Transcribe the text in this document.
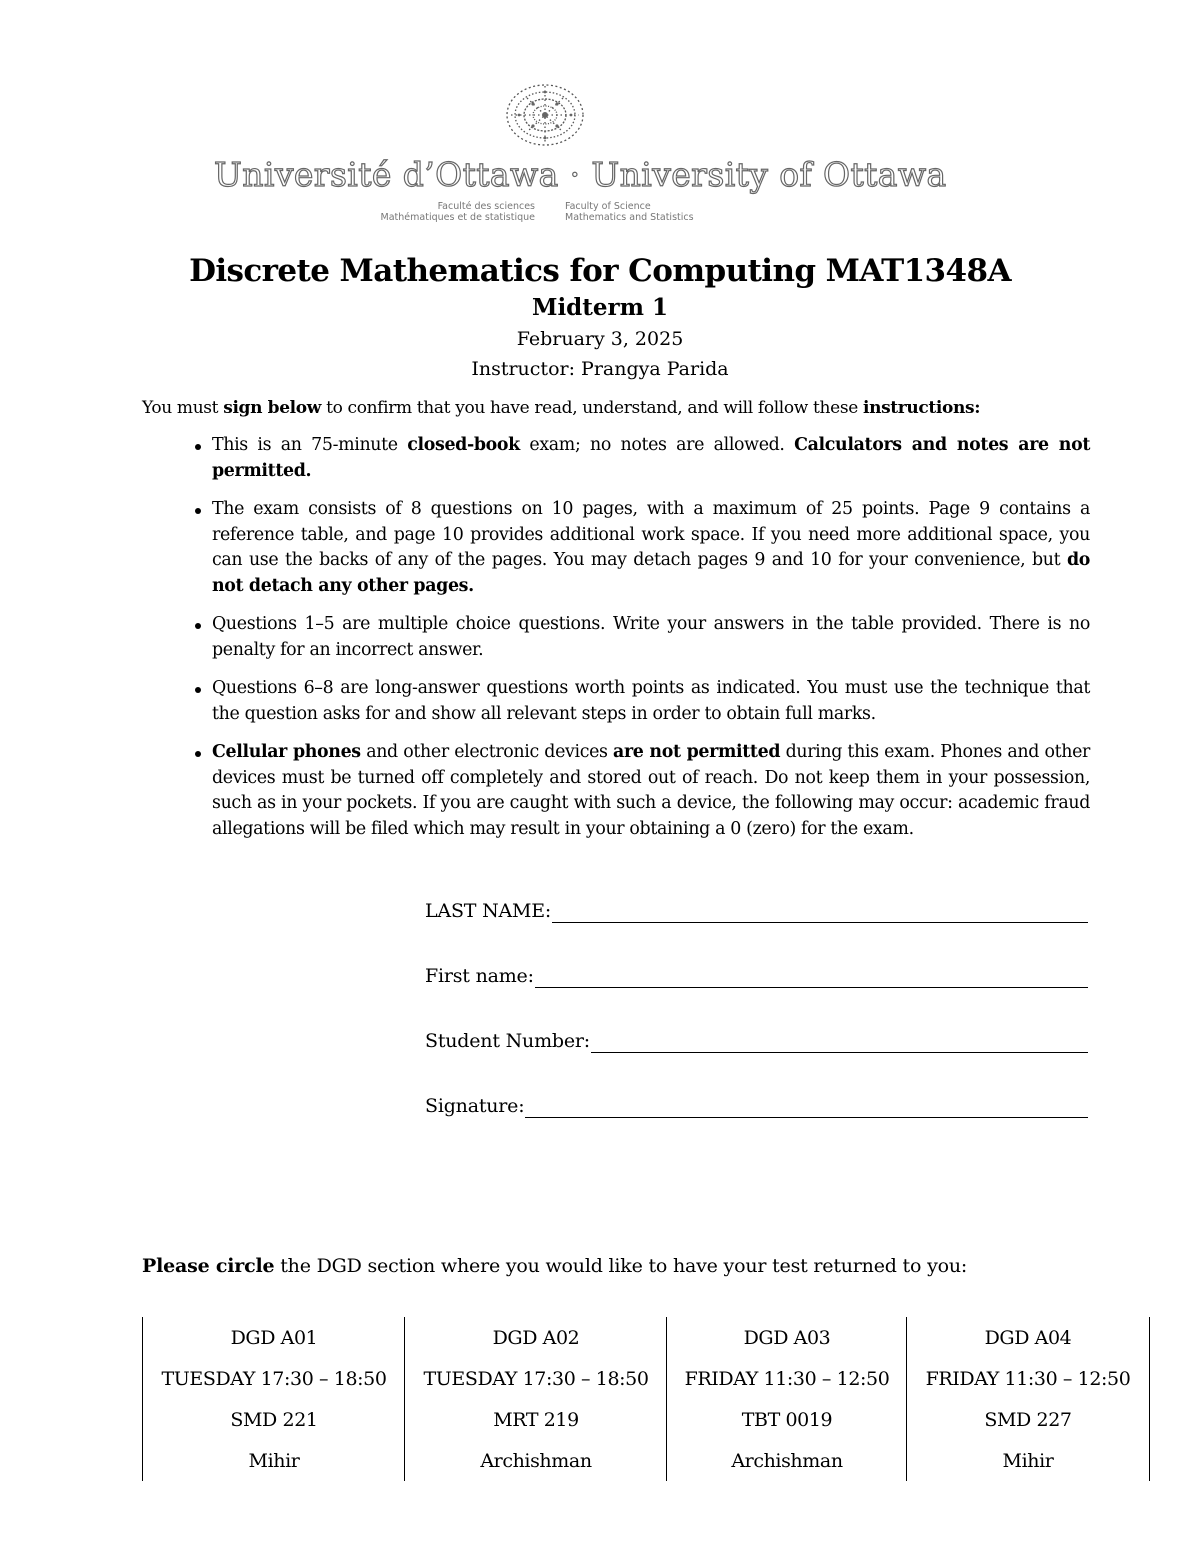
Université d’Ottawa · University of Ottawa
Faculté des sciences
Mathématiques et de statistique
Faculty of Science
Mathematics and Statistics
Discrete Mathematics for Computing MAT1348A
Midterm 1
February 3, 2025
Instructor: Prangya Parida
You must sign below to confirm that you have read, understand, and will follow these instructions:
This is an 75-minute closed-book exam; no notes are allowed. Calculators and notes are not permitted.
The exam consists of 8 questions on 10 pages, with a maximum of 25 points. Page 9 contains a reference table, and page 10 provides additional work space. If you need more additional space, you can use the backs of any of the pages. You may detach pages 9 and 10 for your convenience, but do not detach any other pages.
Questions 1–5 are multiple choice questions. Write your answers in the table provided. There is no penalty for an incorrect answer.
Questions 6–8 are long-answer questions worth points as indicated. You must use the technique that the question asks for and show all relevant steps in order to obtain full marks.
Cellular phones and other electronic devices are not permitted during this exam. Phones and other devices must be turned off completely and stored out of reach. Do not keep them in your possession, such as in your pockets. If you are caught with such a device, the following may occur: academic fraud allegations will be filed which may result in your obtaining a 0 (zero) for the exam.
LAST NAME:
First name:
Student Number:
Signature:
Please circle the DGD section where you would like to have your test returned to you:
DGD A01
TUESDAY 17:30 – 18:50
SMD 221
Mihir
DGD A02
TUESDAY 17:30 – 18:50
MRT 219
Archishman
DGD A03
FRIDAY 11:30 – 12:50
TBT 0019
Archishman
DGD A04
FRIDAY 11:30 – 12:50
SMD 227
Mihir
